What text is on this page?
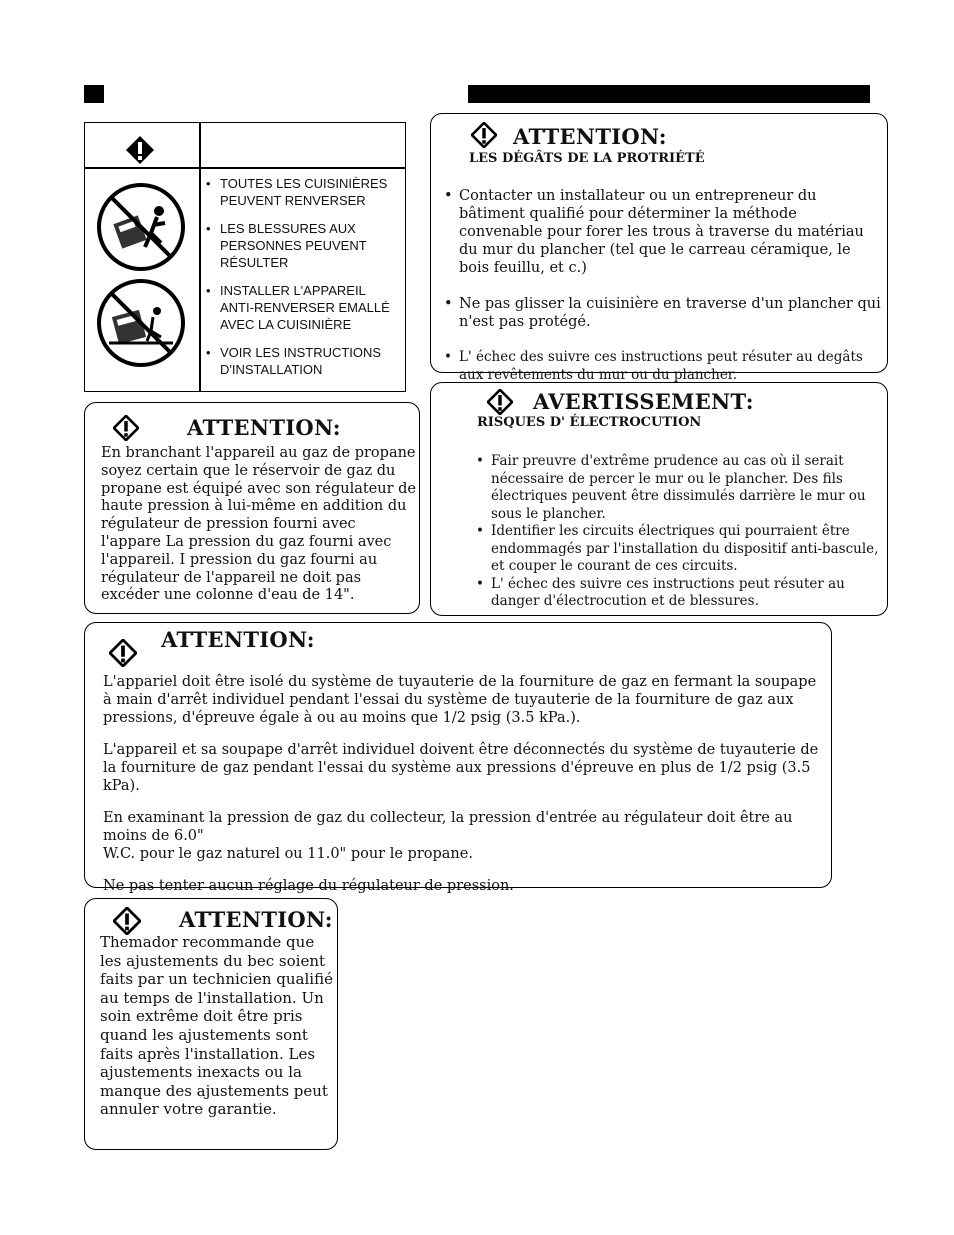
• TOUTES LES CUISINIÈRES PEUVENT RENVERSER
• LES BLESSURES AUX PERSONNES PEUVENT RÉSULTER
• INSTALLER L'APPAREIL ANTI-RENVERSER EMALLÉ AVEC LA CUISINIÈRE
• VOIR LES INSTRUCTIONS D'INSTALLATION
ATTENTION:
LES DÉGÂTS DE LA PROTRIÉTÉ
• Contacter un installateur ou un entrepreneur du bâtiment qualifié pour déterminer la méthode convenable pour forer les trous à traverse du matériau du mur du plancher (tel que le carreau céramique, le bois feuillu, et c.)
• Ne pas glisser la cuisinière en traverse d'un plancher qui n'est pas protégé.
• L' échec des suivre ces instructions peut résuter au degâts aux revêtements du mur ou du plancher.
ATTENTION:

En branchant l'appareil au gaz de propane soyez certain que le réservoir de gaz du propane est équipé avec son régulateur de haute pression à lui-même en addition du régulateur de pression fourni avec l'appare La pression du gaz fourni avec l'appareil. I pression du gaz fourni au régulateur de l'appareil ne doit pas excéder une colonne d'eau de 14".

AVERTISSEMENT:
RISQUES D' ÉLECTROCUTION
• Fair preuvre d'extrême prudence au cas où il serait nécessaire de percer le mur ou le plancher. Des fils électriques peuvent être dissimulés darrière le mur ou sous le plancher.
• Identifier les circuits électriques qui pourraient être endommagés par l'installation du dispositif anti-bascule, et couper le courant de ces circuits.
• L' échec des suivre ces instructions peut résuter au danger d'électrocution et de blessures.
ATTENTION:

L'appariel doit être isolé du système de tuyauterie de la fourniture de gaz en fermant la soupape à main d'arrêt individuel pendant l'essai du système de tuyauterie de la fourniture de gaz aux pressions, d'épreuve égale à ou au moins que 1/2 psig (3.5 kPa.).

L'appareil et sa soupape d'arrêt individuel doivent être déconnectés du système de tuyauterie de la fourniture de gaz pendant l'essai du système aux pressions d'épreuve en plus de 1/2 psig (3.5 kPa).

En examinant la pression de gaz du collecteur, la pression d'entrée au régulateur doit être au moins de 6.0"

W.C. pour le gaz naturel ou 11.0" pour le propane.

Ne pas tenter aucun réglage du régulateur de pression.

ATTENTION:

Themador recommande que les ajustements du bec soient faits par un technicien qualifié au temps de l'installation. Un soin extrême doit être pris quand les ajustements sont faits après l'installation. Les ajustements inexacts ou la manque des ajustements peut annuler votre garantie.
